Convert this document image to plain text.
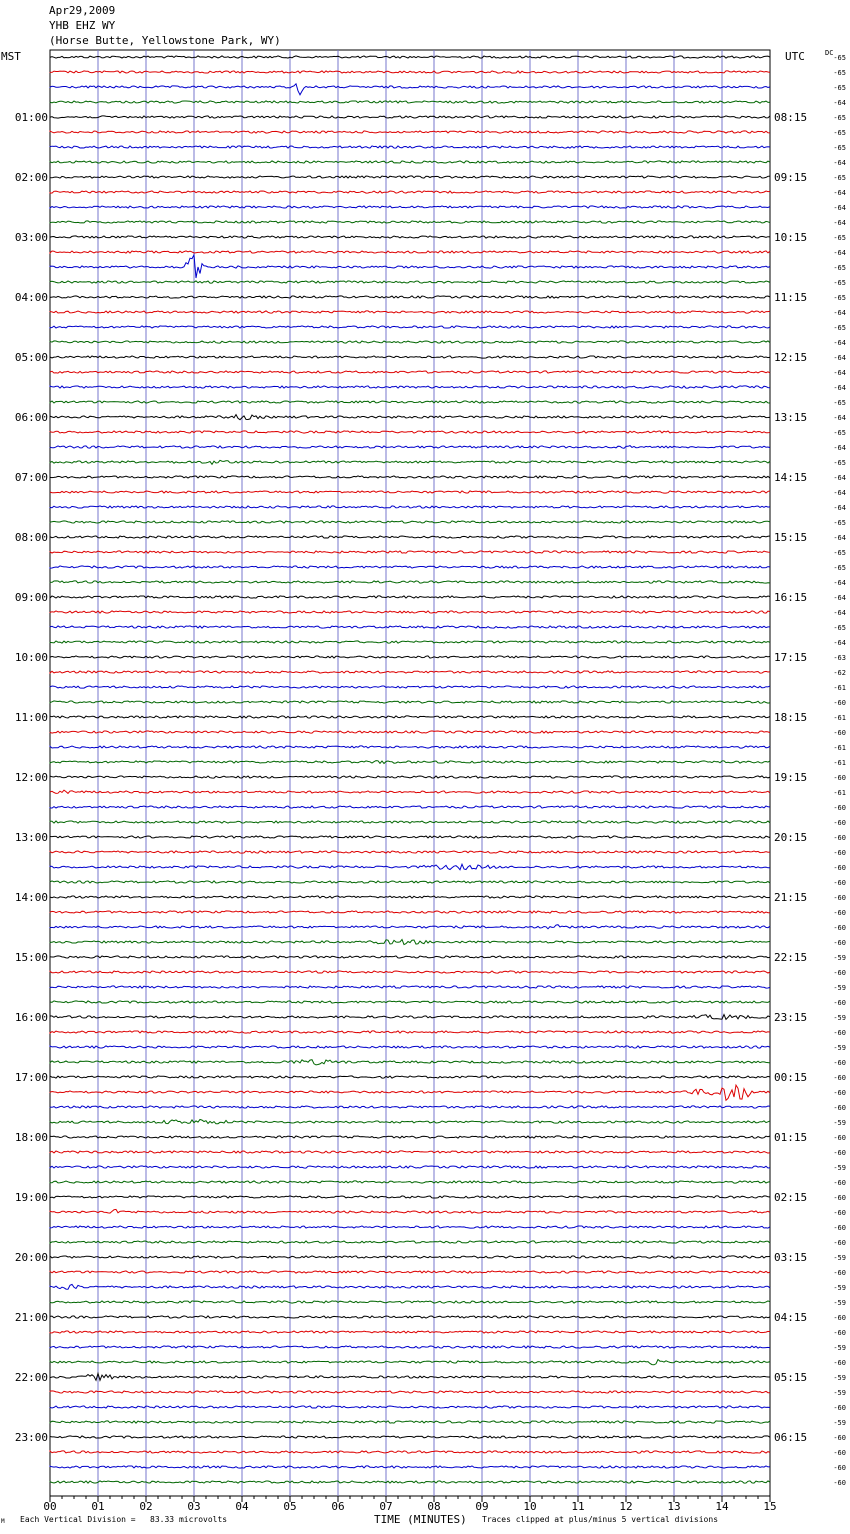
Apr29,2009
YHB EHZ WY
(Horse Butte, Yellowstone Park, WY)
MST	UTC	DC
-65
-65
-65
-64
-65
-65
-65
-64
-65
-64
-64
-64
-65
-64
-65
-65
-65
-64
-65
-64
-64
-64
-64
-65
-64
-65
-64
-65
-64
-64
-64
-65
-64
-65
-65
-64
-64
-64
-65
-64
-63
-62
-61
-60
-61
-60
-61
-61
-60
-61
-60
-60
-60
-60
-60
-60
-60
-60
-60
-60
-59
-60
-59
-60
-59
-60
-59
-60
-60
-60
-60
-59
-60
-60
-59
-60
-60
-60
-60
-60
-59
-60
-59
-59
-60
-60
-59
-60
-59
-59
-60
-59
-60
-60
-60
-60
01:00
02:00
03:00
04:00
05:00
06:00
07:00
08:00
09:00
10:00
11:00
12:00
13:00
14:00
15:00
16:00
17:00
18:00
19:00
20:00
21:00
22:00
23:00
08:15
09:15
10:15
11:15
12:15
13:15
14:15
15:15
16:15
17:15
18:15
19:15
20:15
21:15
22:15
23:15
00:15
01:15
02:15
03:15
04:15
05:15
06:15
00	01	02	03	04	05	06	07	08	09	10	11	12	13	14	15
Each Vertical Division =   83.33 microvolts	TIME (MINUTES) Traces clipped at plus/minus 5 vertical divisions
M
